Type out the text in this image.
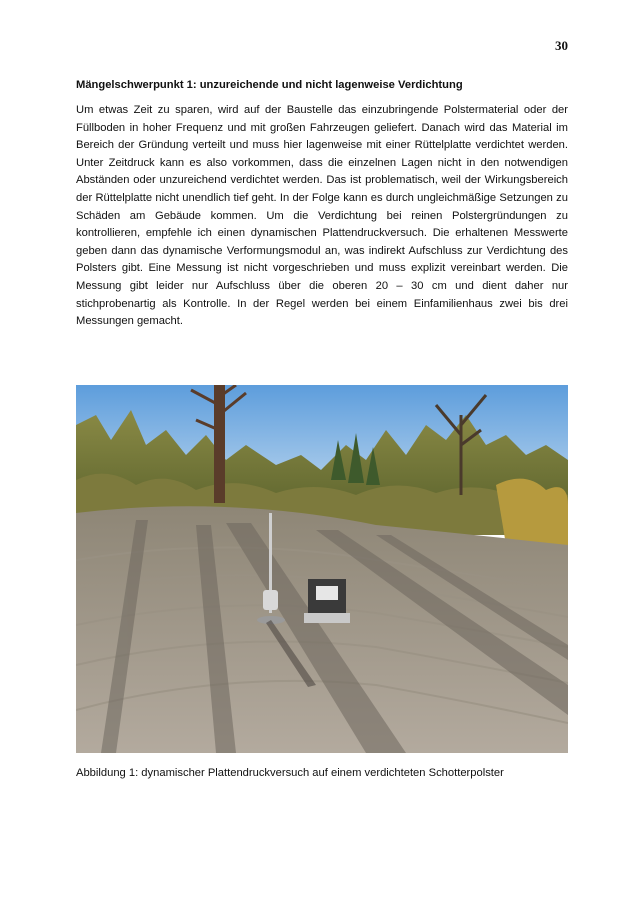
30
Mängelschwerpunkt 1: unzureichende und nicht lagenweise Verdichtung

Um etwas Zeit zu sparen, wird auf der Baustelle das einzubringende Polstermaterial oder der Füllboden in hoher Frequenz und mit großen Fahrzeugen geliefert. Danach wird das Material im Bereich der Gründung verteilt und muss hier lagenweise mit einer Rüttelplatte verdichtet werden. Unter Zeitdruck kann es also vorkommen, dass die einzelnen Lagen nicht in den notwendigen Abständen oder unzureichend verdichtet werden. Das ist problematisch, weil der Wirkungsbereich der Rüttelplatte nicht unendlich tief geht. In der Folge kann es durch ungleichmäßige Setzungen zu Schäden am Gebäude kommen. Um die Verdichtung bei reinen Polstergründungen zu kontrollieren, empfehle ich einen dynamischen Plattendruckversuch. Die erhaltenen Messwerte geben dann das dynamische Verformungsmodul an, was indirekt Aufschluss zur Verdichtung des Polsters gibt. Eine Messung ist nicht vorgeschrieben und muss explizit vereinbart werden. Die Messung gibt leider nur Aufschluss über die oberen 20 – 30 cm und dient daher nur stichprobenartig als Kontrolle. In der Regel werden bei einem Einfamilienhaus zwei bis drei Messungen gemacht.

Abbildung 1: dynamischer Plattendruckversuch auf einem verdichteten Schotterpolster
